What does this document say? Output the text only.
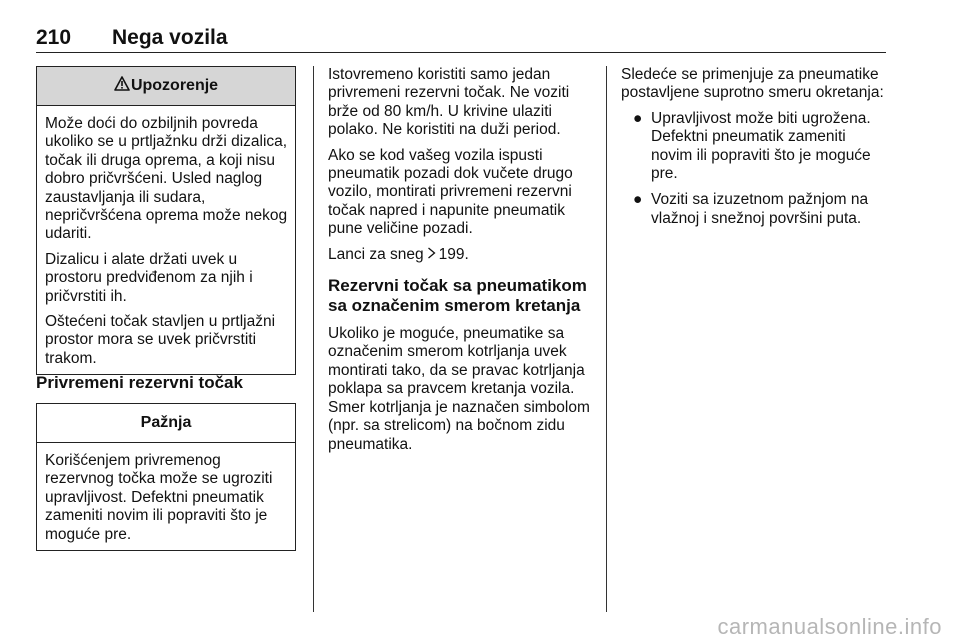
210 Nega vozila
Upozorenje

Može doći do ozbiljnih povreda ukoliko se u prtljažnku drži dizalica, točak ili druga oprema, a koji nisu dobro pričvršćeni. Usled naglog zaustavljanja ili sudara, nepričvršćena oprema može nekog udariti.

Dizalicu i alate držati uvek u prostoru predviđenom za njih i pričvrstiti ih.

Oštećeni točak stavljen u prtljažni prostor mora se uvek pričvrstiti trakom.

Privremeni rezervni točak
Pažnja

Korišćenjem privremenog rezervnog točka može se ugroziti upravljivost. Defektni pneumatik zameniti novim ili popraviti što je moguće pre.

Istovremeno koristiti samo jedan privremeni rezervni točak. Ne voziti brže od 80 km/h. U krivine ulaziti polako. Ne koristiti na duži period.

Ako se kod vašeg vozila ispusti pneumatik pozadi dok vučete drugo vozilo, montirati privremeni rezervni točak napred i napunite pneumatik pune veličine pozadi.

Lanci za sneg 199.

Rezervni točak sa pneumatikom sa označenim smerom kretanja

Ukoliko je moguće, pneumatike sa označenim smerom kotrljanja uvek montirati tako, da se pravac kotrljanja poklapa sa pravcem kretanja vozila. Smer kotrljanja je naznačen simbolom (npr. sa strelicom) na bočnom zidu pneumatika.

Sledeće se primenjuje za pneumatike postavljene suprotno smeru okretanja:

● Upravljivost može biti ugrožena. Defektni pneumatik zameniti novim ili popraviti što je moguće pre.
● Voziti sa izuzetnom pažnjom na vlažnoj i snežnoj površini puta.
carmanualsonline.info
